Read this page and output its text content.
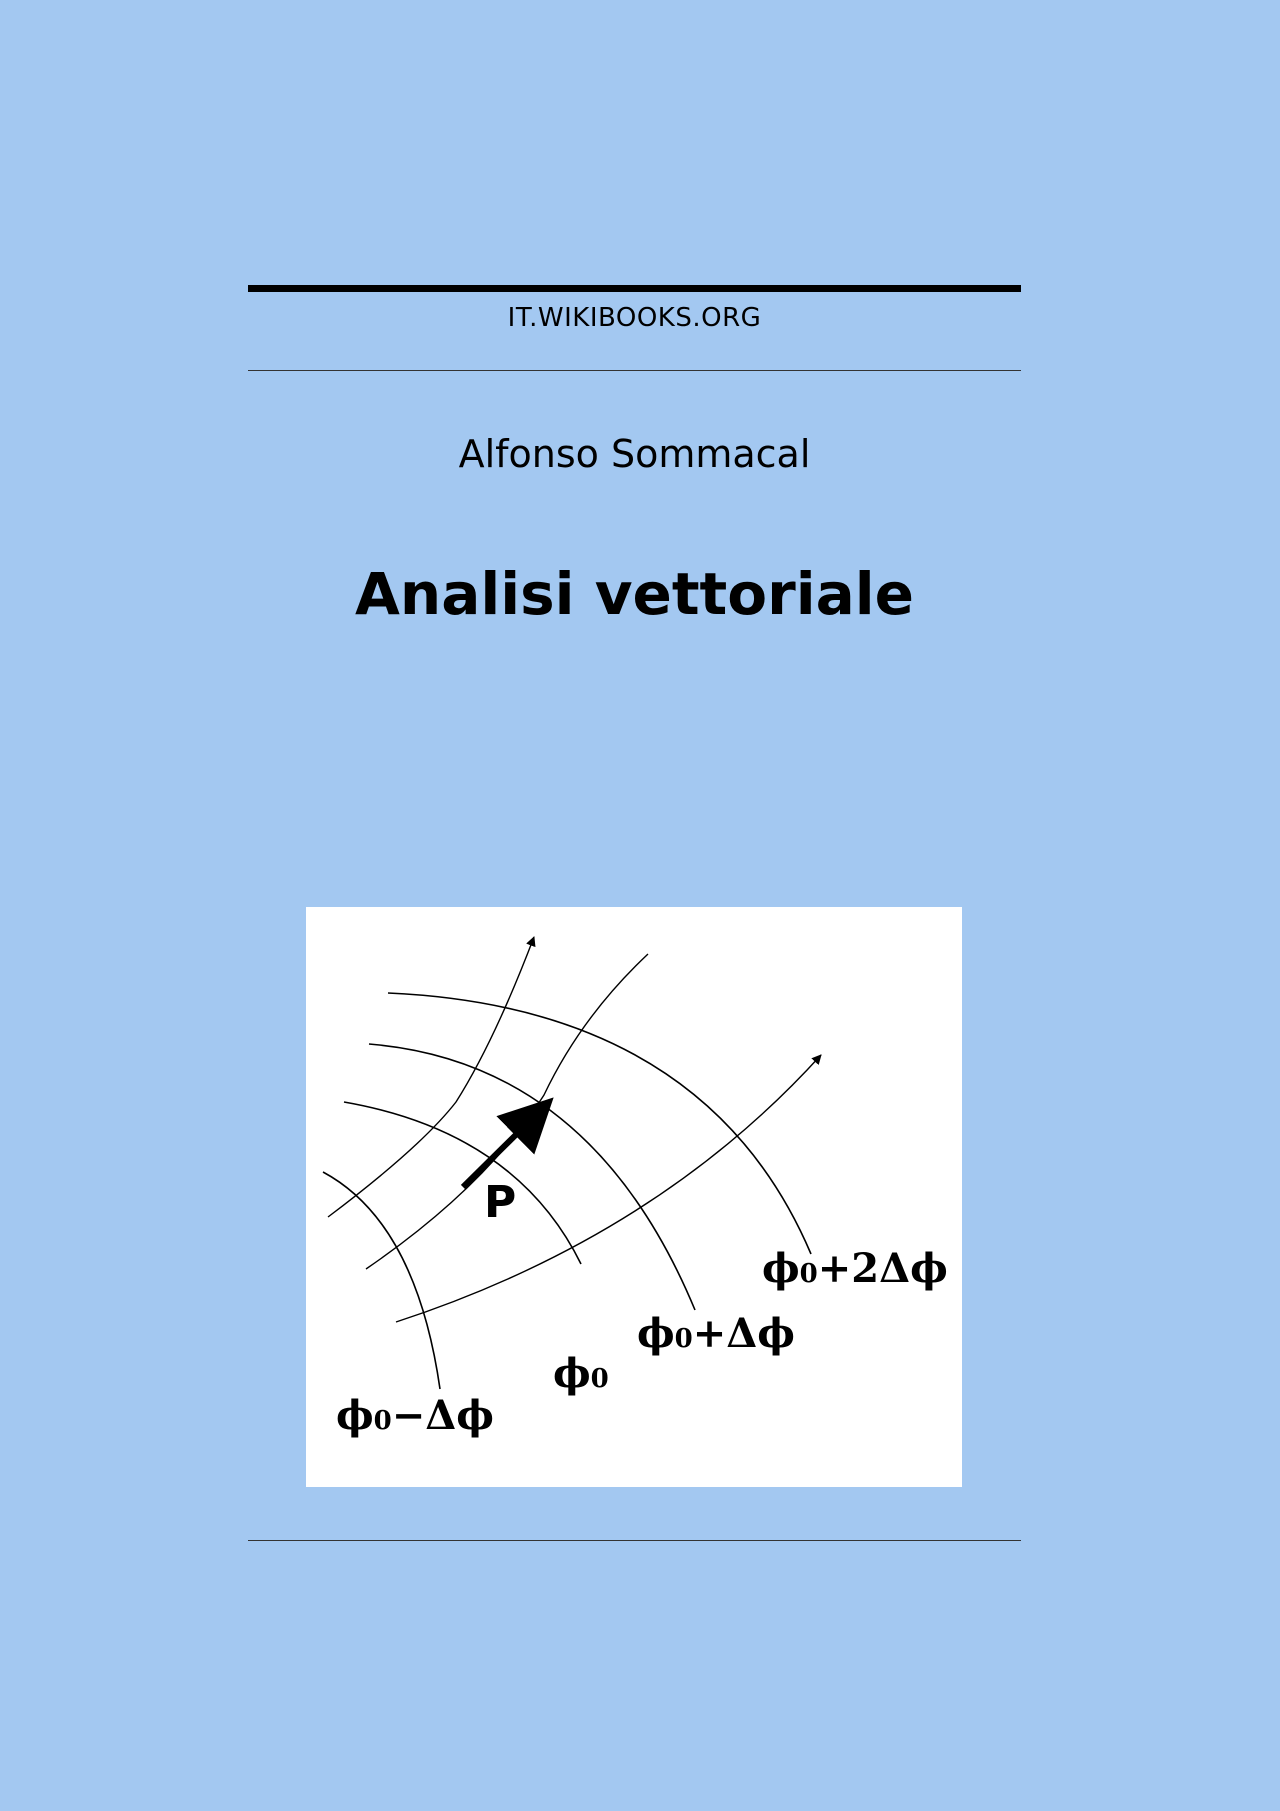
IT.WIKIBOOKS.ORG
Alfonso Sommacal
Analisi vettoriale
P
ϕ0+2Δϕ
ϕ0+Δϕ
ϕ0
ϕ0−Δϕ
